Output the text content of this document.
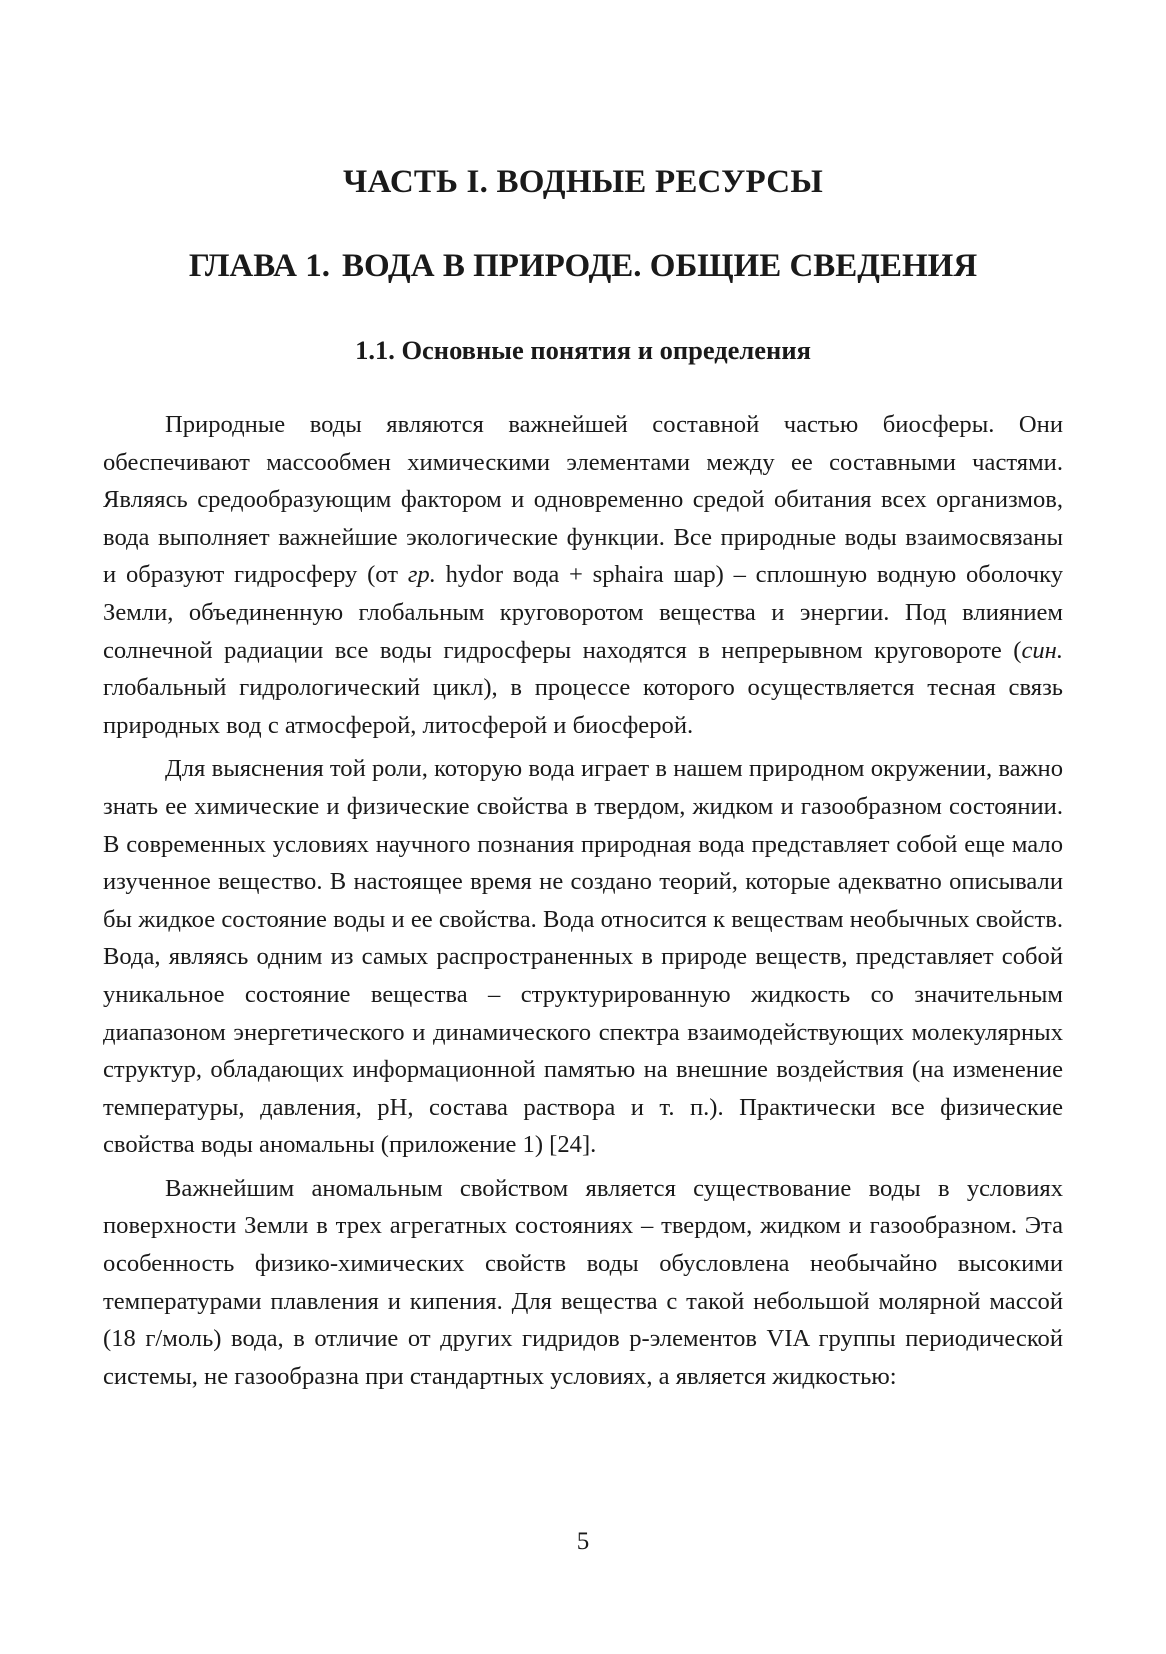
ЧАСТЬ I. ВОДНЫЕ РЕСУРСЫ
ГЛАВА 1. ВОДА В ПРИРОДЕ. ОБЩИЕ СВЕДЕНИЯ
1.1. Основные понятия и определения

Природные воды являются важнейшей составной частью биосферы. Они обеспечивают массообмен химическими элементами между ее составными частями. Являясь средообразующим фактором и одновременно средой обитания всех организмов, вода выполняет важнейшие экологические функции. Все природные воды взаимосвязаны и образуют гидросферу (от гр. hydor вода + sphaira шар) – сплошную водную оболочку Земли, объединенную глобальным круговоротом вещества и энергии. Под влиянием солнечной радиации все воды гидросферы находятся в непрерывном круговороте (син. глобальный гидрологический цикл), в процессе которого осуществляется тесная связь природных вод с атмосферой, литосферой и биосферой.

Для выяснения той роли, которую вода играет в нашем природном окружении, важно знать ее химические и физические свойства в твердом, жидком и газообразном состоянии. В современных условиях научного познания природная вода представляет собой еще мало изученное вещество. В настоящее время не создано теорий, которые адекватно описывали бы жидкое состояние воды и ее свойства. Вода относится к веществам необычных свойств. Вода, являясь одним из самых распространенных в природе веществ, представляет собой уникальное состояние вещества – структурированную жидкость со значительным диапазоном энергетического и динамического спектра взаимодействующих молекулярных структур, обладающих информационной памятью на внешние воздействия (на изменение температуры, давления, pH, состава раствора и т. п.). Практически все физические свойства воды аномальны (приложение 1) [24].

Важнейшим аномальным свойством является существование воды в условиях поверхности Земли в трех агрегатных состояниях – твердом, жидком и газообразном. Эта особенность физико-химических свойств воды обусловлена необычайно высокими температурами плавления и кипения. Для вещества с такой небольшой молярной массой (18 г/моль) вода, в отличие от других гидридов р-элементов VIA группы периодической системы, не газообразна при стандартных условиях, а является жидкостью:

5
